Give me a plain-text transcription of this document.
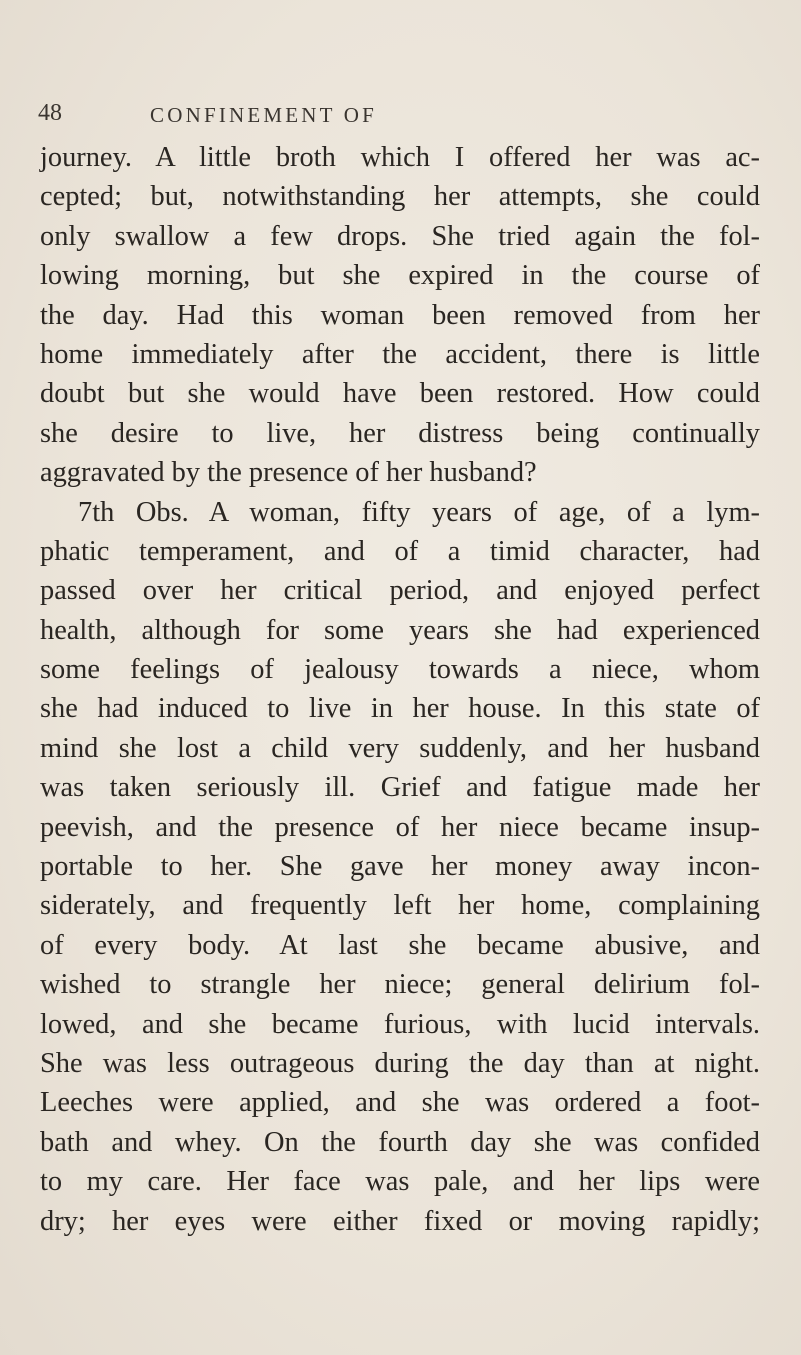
48	CONFINEMENT OF
journey. A little broth which I offered her was ac-
cepted; but, notwithstanding her attempts, she could
only swallow a few drops. She tried again the fol-
lowing morning, but she expired in the course of
the day. Had this woman been removed from her
home immediately after the accident, there is little
doubt but she would have been restored. How could
she desire to live, her distress being continually
aggravated by the presence of her husband?
7th Obs. A woman, fifty years of age, of a lym-
phatic temperament, and of a timid character, had
passed over her critical period, and enjoyed perfect
health, although for some years she had experienced
some feelings of jealousy towards a niece, whom
she had induced to live in her house. In this state of
mind she lost a child very suddenly, and her husband
was taken seriously ill. Grief and fatigue made her
peevish, and the presence of her niece became insup-
portable to her. She gave her money away incon-
siderately, and frequently left her home, complaining
of every body. At last she became abusive, and
wished to strangle her niece; general delirium fol-
lowed, and she became furious, with lucid intervals.
She was less outrageous during the day than at night.
Leeches were applied, and she was ordered a foot-
bath and whey. On the fourth day she was confided
to my care. Her face was pale, and her lips were
dry; her eyes were either fixed or moving rapidly;
